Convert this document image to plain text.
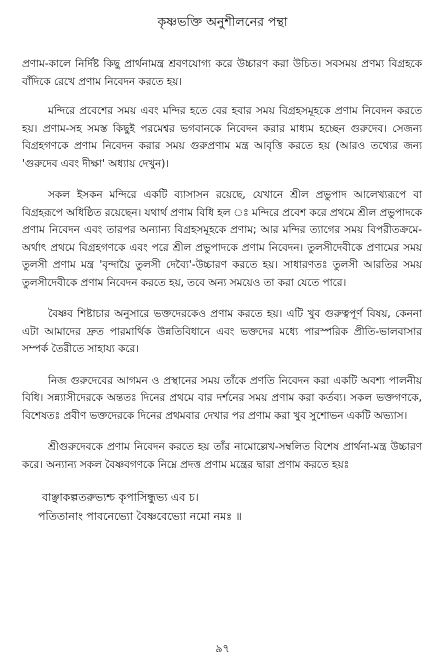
কৃষ্ণভক্তি অনুশীলনের পন্থা

প্রণাম-কালে নির্দিষ্ট কিছু প্রার্থনামন্ত্র শ্রবণযোগ্য করে উচ্চারণ করা উচিত। সবসময় প্রণম্য বিগ্রহকে বাঁদিকে রেখে প্রণাম নিবেদন করতে হয়।

মন্দিরে প্রবেশের সময় এবং মন্দির হতে বের হবার সময় বিগ্রহসমূহকে প্রণাম নিবেদন করতে হয়। প্রণাম-সহ সমস্ত কিছুই পরমেশ্বর ভগবানকে নিবেদন করার মাধ্যম হচ্ছেন গুরুদেব। সেজন্য বিগ্রহগণকে প্রণাম নিবেদন করার সময় গুরুপ্রণাম মন্ত্র আবৃত্তি করতে হয় (আরও তথ্যের জন্য 'গুরুদেব এবং দীক্ষা' অধ্যায় দেখুন)।

সকল ইসকন মন্দিরে একটি ব্যাসাসন রয়েছে, যেখানে শ্রীল প্রভুপাদ আলেখ্যরূপে বা বিগ্রহরূপে অধিষ্ঠিত রয়েছেন। যথার্থ প্রণাম বিধি হল ঃ মন্দিরে প্রবেশ করে প্রথমে শ্রীল প্রভুপাদকে প্রণাম নিবেদন এবং তারপর অন্যান্য বিগ্রহসমূহকে প্রণাম; আর মন্দির ত্যাগের সময় বিপরীতক্রমে-অর্থাৎ প্রথমে বিগ্রহগণকে এবং পরে শ্রীল প্রভুপাদকে প্রণাম নিবেদন। তুলসীদেবীকে প্রণামের সময় তুলসী প্রণাম মন্ত্র 'বৃন্দায়ৈ তুলসী দেব্যৈ'-উচ্চারণ করতে হয়। সাধারণতঃ তুলসী আরতির সময় তুলসীদেবীকে প্রণাম নিবেদন করতে হয়, তবে অন্য সময়েও তা করা যেতে পারে।

বৈষ্ণব শিষ্টাচার অনুসারে ভক্তদেরকেও প্রণাম করতে হয়। এটি খুব গুরুত্বপূর্ণ বিষয়, কেননা এটা আমাদের দ্রুত পারমার্থিক উন্নতিবিধানে এবং ভক্তদের মধ্যে পারস্পরিক প্রীতি-ভালবাসার সম্পর্ক তৈরীতে সাহায্য করে।

নিজ গুরুদেবের আগমন ও প্রস্থানের সময় তাঁকে প্রণতি নিবেদন করা একটি অবশ্য পালনীয় বিধি। সন্ন্যাসীদেরকে অন্ততঃ দিনের প্রথমে বার দর্শনের সময় প্রণাম করা কর্তব্য। সকল ভক্তগণকে, বিশেষতঃ প্রবীণ ভক্তদেরকে দিনের প্রথমবার দেখার পর প্রণাম করা খুব সুশোভন একটি অভ্যাস।

শ্রীগুরুদেবকে প্রণাম নিবেদন করতে হয় তাঁর নামোল্লেখ-সম্বলিত বিশেষ প্রার্থনা-মন্ত্র উচ্চারণ করে। অন্যান্য সকল বৈষ্ণবগণকে নিম্নে প্রদত্ত প্রণাম মন্ত্রের দ্বারা প্রণাম করতে হয়ঃ

বাঞ্ছাকল্পতরুভ্যশ্চ কৃপাসিন্ধুভ্য এব চ।
পতিতানাং পাবনেভ্যো বৈষ্ণবেভ্যো নমো নমঃ ॥
৯৭
